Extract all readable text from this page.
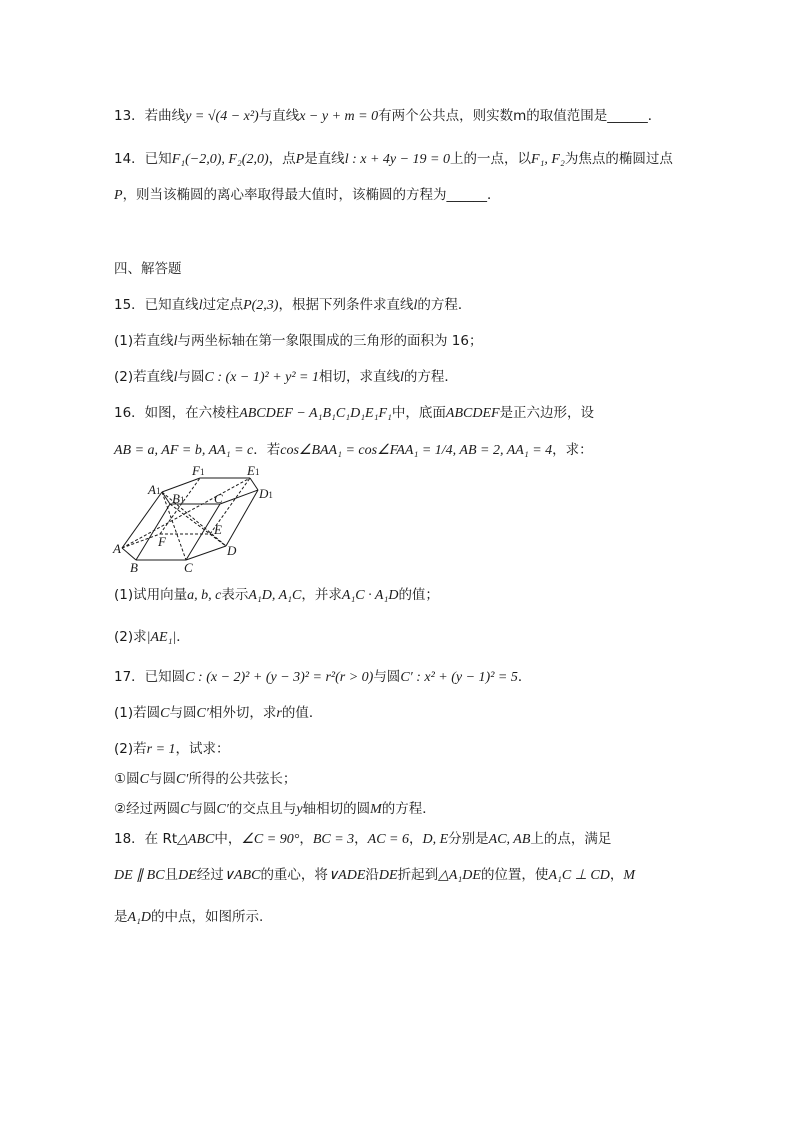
13．若曲线y = √(4 − x²)与直线x − y + m = 0有两个公共点，则实数m的取值范围是______．
14．已知F₁(−2,0), F₂(2,0)，点P是直线l : x + 4y − 19 = 0上的一点，以F₁, F₂为焦点的椭圆过点
P，则当该椭圆的离心率取得最大值时，该椭圆的方程为______．
四、解答题
15．已知直线l过定点P(2,3)，根据下列条件求直线l的方程．
(1)若直线l与两坐标轴在第一象限围成的三角形的面积为 16；
(2)若直线l与圆C : (x − 1)² + y² = 1相切，求直线l的方程．
16．如图，在六棱柱ABCDEF − A₁B₁C₁D₁E₁F₁中，底面ABCDEF是正六边形，设
AB = a, AF = b, AA₁ = c．若cos∠BAA₁ = cos∠FAA₁ = 1/4, AB = 2, AA₁ = 4，求：
F1	E1
A1 B1 C	D1
E
F
A	D
B	C
(1)试用向量a, b, c表示A₁D, A₁C，并求A₁C · A₁D的值；
(2)求|AE₁|．
17．已知圆C : (x − 2)² + (y − 3)² = r²(r > 0)与圆C′ : x² + (y − 1)² = 5．
(1)若圆C与圆C′相外切，求r的值．
(2)若r = 1，试求：
①圆C与圆C′所得的公共弦长；
②经过两圆C与圆C′的交点且与y轴相切的圆M的方程．
18．在 Rt△ABC中，∠C = 90°，BC = 3，AC = 6，D, E分别是AC, AB上的点，满足
DE ∥ BC且DE经过∨ABC的重心，将∨ADE沿DE折起到△A₁DE的位置，使A₁C ⊥ CD，M
是A₁D的中点，如图所示.
